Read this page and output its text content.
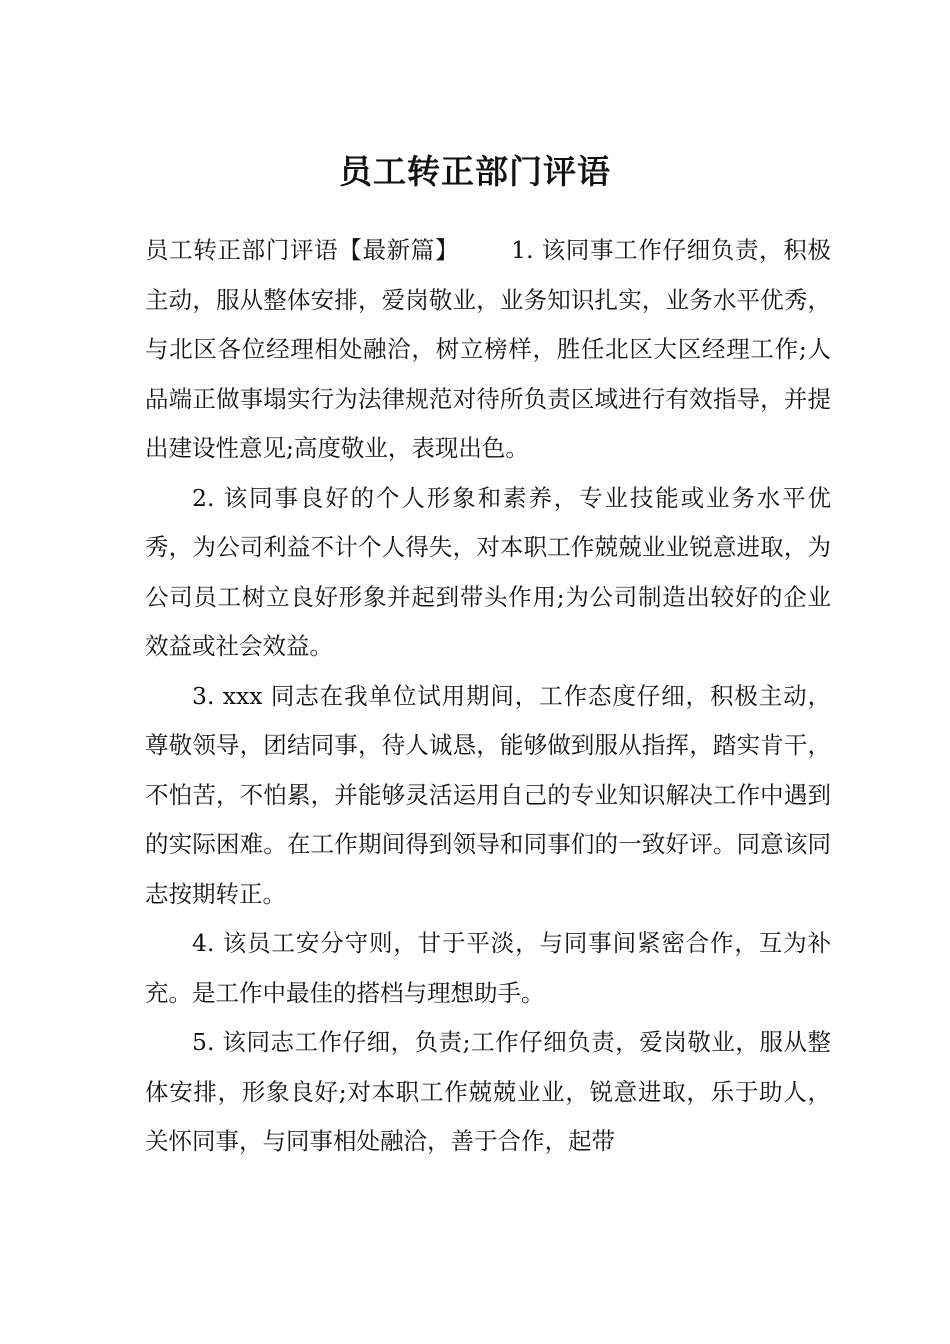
员工转正部门评语

员工转正部门评语【最新篇】 1. 该同事工作仔细负责，积极主动，服从整体安排，爱岗敬业，业务知识扎实，业务水平优秀，与北区各位经理相处融洽，树立榜样，胜任北区大区经理工作;人品端正做事塌实行为法律规范对待所负责区域进行有效指导，并提出建设性意见;高度敬业，表现出色。

2. 该同事良好的个人形象和素养，专业技能或业务水平优秀，为公司利益不计个人得失，对本职工作兢兢业业锐意进取，为公司员工树立良好形象并起到带头作用;为公司制造出较好的企业效益或社会效益。

3. xxx 同志在我单位试用期间，工作态度仔细，积极主动，尊敬领导，团结同事，待人诚恳，能够做到服从指挥，踏实肯干，不怕苦，不怕累，并能够灵活运用自己的专业知识解决工作中遇到的实际困难。在工作期间得到领导和同事们的一致好评。同意该同志按期转正。

4. 该员工安分守则，甘于平淡，与同事间紧密合作，互为补充。是工作中最佳的搭档与理想助手。

5. 该同志工作仔细，负责;工作仔细负责，爱岗敬业，服从整体安排，形象良好;对本职工作兢兢业业，锐意进取，乐于助人，关怀同事，与同事相处融洽，善于合作，起带
